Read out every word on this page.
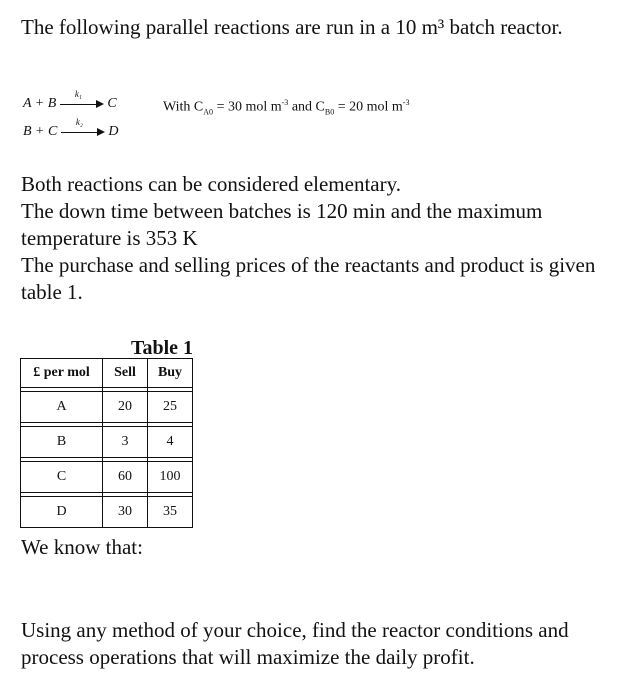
The following parallel reactions are run in a 10 m³ batch reactor.
A + B
k₁
C
B + C
k₂
D
With $C_{A0} = 30$ mol $m^{-3}$ and $C_{B0} = 20$ mol $m^{-3}$
Both reactions can be considered elementary.
The down time between batches is 120 min and the maximum temperature is 353 K
The purchase and selling prices of the reactants and product is given table 1.
Table 1
£ per mol	Sell	Buy

A	20	25

B	3	4

C	60	100

D	30	35
We know that:
Using any method of your choice, find the reactor conditions and process operations that will maximize the daily profit.
